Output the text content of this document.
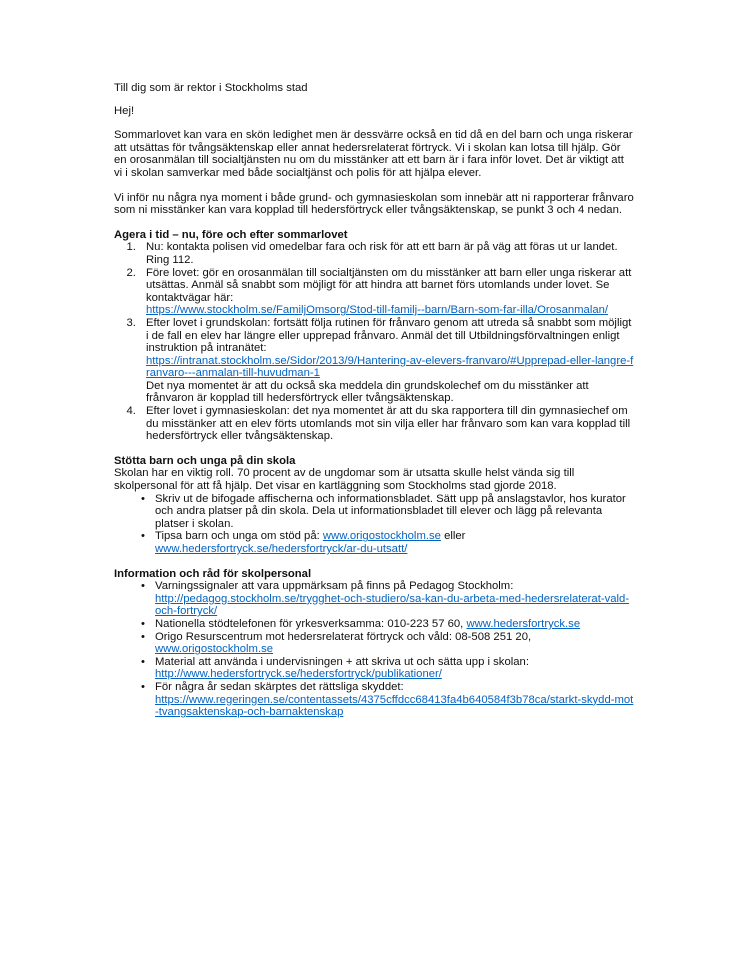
Till dig som är rektor i Stockholms stad

Hej!

Sommarlovet kan vara en skön ledighet men är dessvärre också en tid då en del barn och unga riskerar att utsättas för tvångsäktenskap eller annat hedersrelaterat förtryck. Vi i skolan kan lotsa till hjälp. Gör en orosanmälan till socialtjänsten nu om du misstänker att ett barn är i fara inför lovet. Det är viktigt att vi i skolan samverkar med både socialtjänst och polis för att hjälpa elever.

Vi inför nu några nya moment i både grund- och gymnasieskolan som innebär att ni rapporterar frånvaro som ni misstänker kan vara kopplad till hedersförtryck eller tvångsäktenskap, se punkt 3 och 4 nedan.

Agera i tid – nu, före och efter sommarlovet
1. Nu: kontakta polisen vid omedelbar fara och risk för att ett barn är på väg att föras ut ur landet. Ring 112.
2. Före lovet: gör en orosanmälan till socialtjänsten om du misstänker att barn eller unga riskerar att utsättas. Anmäl så snabbt som möjligt för att hindra att barnet förs utomlands under lovet. Se kontaktvägar här:
https://www.stockholm.se/FamiljOmsorg/Stod-till-familj--barn/Barn-som-far-illa/Orosanmalan/
3. Efter lovet i grundskolan: fortsätt följa rutinen för frånvaro genom att utreda så snabbt som möjligt i de fall en elev har längre eller upprepad frånvaro. Anmäl det till Utbildningsförvaltningen enligt instruktion på intranätet:
https://intranat.stockholm.se/Sidor/2013/9/Hantering-av-elevers-franvaro/#Upprepad-eller-langre-franvaro---anmalan-till-huvudman-1
Det nya momentet är att du också ska meddela din grundskolechef om du misstänker att frånvaron är kopplad till hedersförtryck eller tvångsäktenskap.
4. Efter lovet i gymnasieskolan: det nya momentet är att du ska rapportera till din gymnasiechef om du misstänker att en elev förts utomlands mot sin vilja eller har frånvaro som kan vara kopplad till hedersförtryck eller tvångsäktenskap.
Stötta barn och unga på din skola

Skolan har en viktig roll. 70 procent av de ungdomar som är utsatta skulle helst vända sig till skolpersonal för att få hjälp. Det visar en kartläggning som Stockholms stad gjorde 2018.

• Skriv ut de bifogade affischerna och informationsbladet. Sätt upp på anslagstavlor, hos kurator och andra platser på din skola. Dela ut informationsbladet till elever och lägg på relevanta platser i skolan.
• Tipsa barn och unga om stöd på: www.origostockholm.se eller
www.hedersfortryck.se/hedersfortryck/ar-du-utsatt/
Information och råd för skolpersonal
• Varningssignaler att vara uppmärksam på finns på Pedagog Stockholm:
http://pedagog.stockholm.se/trygghet-och-studiero/sa-kan-du-arbeta-med-hedersrelaterat-vald-och-fortryck/
• Nationella stödtelefonen för yrkesverksamma: 010-223 57 60, www.hedersfortryck.se
• Origo Resurscentrum mot hedersrelaterat förtryck och våld: 08-508 251 20,
www.origostockholm.se
• Material att använda i undervisningen + att skriva ut och sätta upp i skolan:
http://www.hedersfortryck.se/hedersfortryck/publikationer/
• För några år sedan skärptes det rättsliga skyddet:
https://www.regeringen.se/contentassets/4375cffdcc68413fa4b640584f3b78ca/starkt-skydd-mot-tvangsaktenskap-och-barnaktenskap
